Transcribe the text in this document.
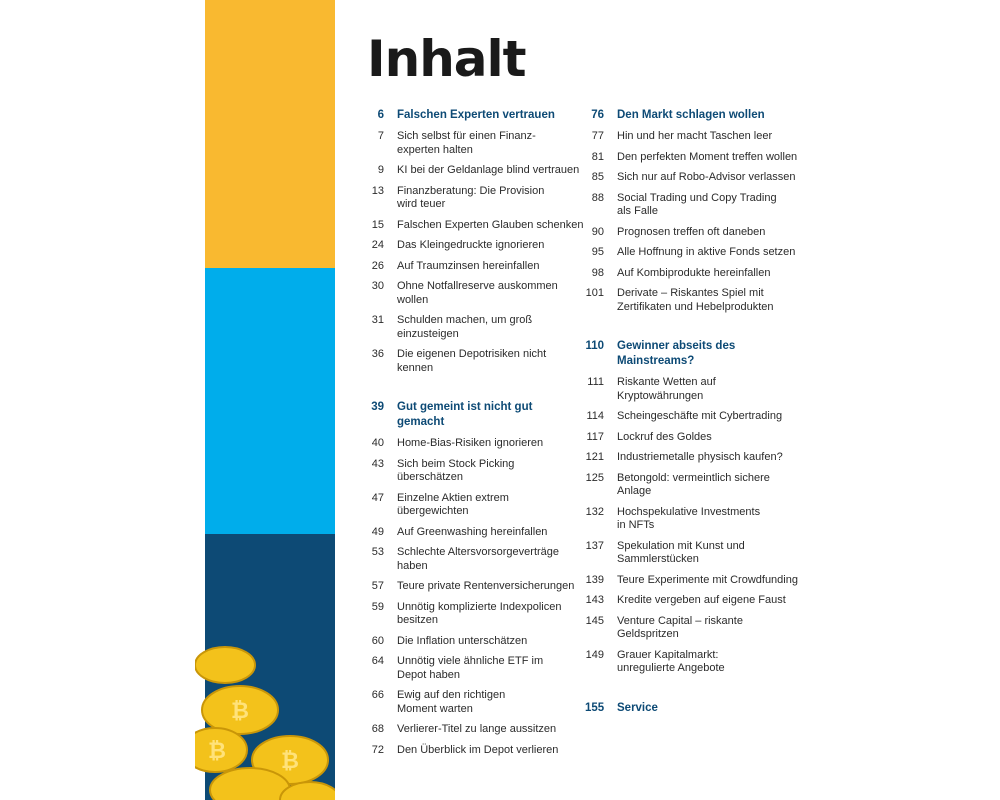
₿
₿
₿
Inhalt
6	Falschen Experten vertrauen
7	Sich selbst für einen Finanz-
experten halten
9	KI bei der Geldanlage blind vertrauen
13	Finanzberatung: Die Provision
wird teuer
15	Falschen Experten Glauben schenken
24	Das Kleingedruckte ignorieren
26	Auf Traumzinsen hereinfallen
30	Ohne Notfallreserve auskommen
wollen
31	Schulden machen, um groß
einzusteigen
36	Die eigenen Depotrisiken nicht
kennen
39	Gut gemeint ist nicht gut
gemacht
40	Home-Bias-Risiken ignorieren
43	Sich beim Stock Picking
überschätzen
47	Einzelne Aktien extrem
übergewichten
49	Auf Greenwashing hereinfallen
53	Schlechte Altersvorsorgeverträge
haben
57	Teure private Rentenversicherungen
59	Unnötig komplizierte Indexpolicen
besitzen
60	Die Inflation unterschätzen
64	Unnötig viele ähnliche ETF im
Depot haben
66	Ewig auf den richtigen
Moment warten
68	Verlierer-Titel zu lange aussitzen
72	Den Überblick im Depot verlieren
76	Den Markt schlagen wollen
77	Hin und her macht Taschen leer
81	Den perfekten Moment treffen wollen
85	Sich nur auf Robo-Advisor verlassen
88	Social Trading und Copy Trading
als Falle
90	Prognosen treffen oft daneben
95	Alle Hoffnung in aktive Fonds setzen
98	Auf Kombiprodukte hereinfallen
101	Derivate – Riskantes Spiel mit
Zertifikaten und Hebelprodukten
110	Gewinner abseits des
Mainstreams?
111	Riskante Wetten auf Kryptowährungen
114	Scheingeschäfte mit Cybertrading
117	Lockruf des Goldes
121	Industriemetalle physisch kaufen?
125	Betongold: vermeintlich sichere
Anlage
132	Hochspekulative Investments
in NFTs
137	Spekulation mit Kunst und
Sammlerstücken
139	Teure Experimente mit Crowdfunding
143	Kredite vergeben auf eigene Faust
145	Venture Capital – riskante
Geldspritzen
149	Grauer Kapitalmarkt:
unregulierte Angebote
155	Service
